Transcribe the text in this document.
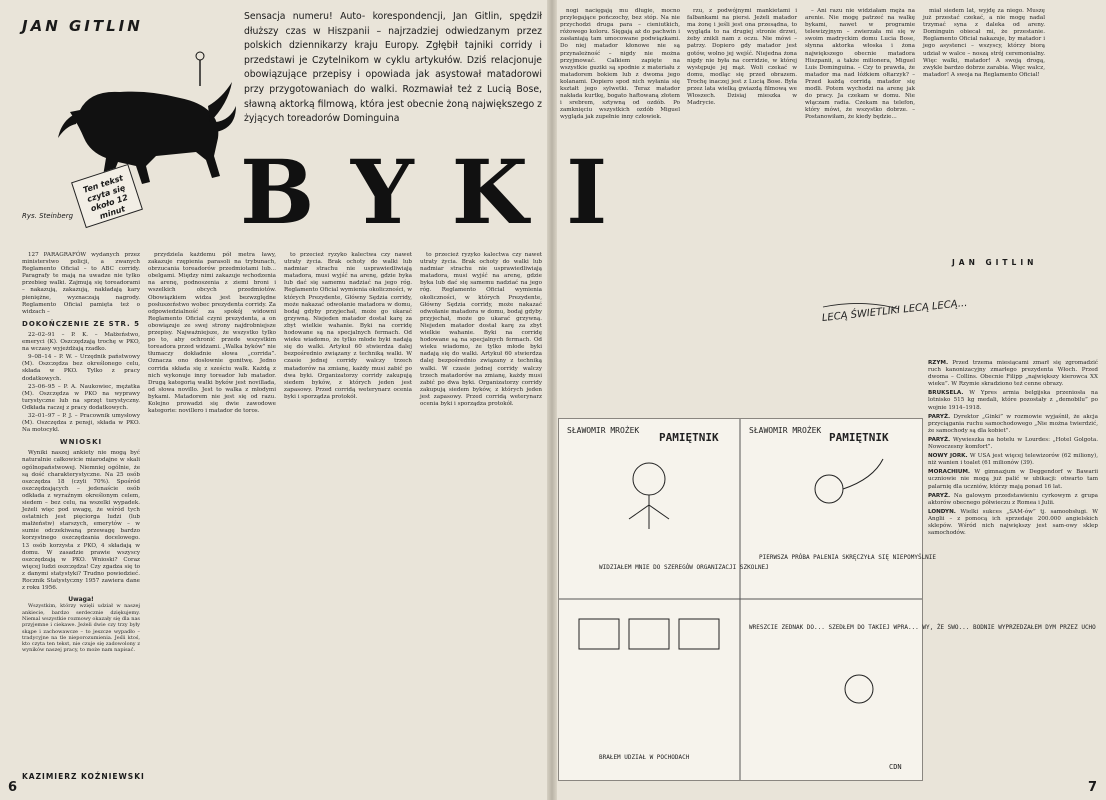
JAN GITLIN
Rys. Steinberg
Ten tekst czyta się około 12 minut
Sensacja numeru! Auto- korespondencji, Jan Gitlin, spędził dłuższy czas w Hiszpanii – najrzadziej odwiedzanym przez polskich dziennikarzy kraju Europy. Zgłębił tajniki corridy i przedstawi je Czytelnikom w cyklu artykułów. Dziś relacjonuje obowiązujące przepisy i opowiada jak asystował matadorowi przy przygotowaniach do walki. Rozmawiał też z Lucią Bose, sławną aktorką filmową, która jest obecnie żoną największego z żyjących toreadorów Dominguina
BYKI

127 PARAGRAFÓW wydanych przez ministerstwo policji, a zwanych Reglamento Oficial – to ABC corridy. Paragrafy te mają na uwadze nie tylko przebieg walki. Zajmują się toreadorami – nakazują, zakazują, nakładają kary pieniężne, wyznaczają nagrody. Reglamento Oficial pamięta też o widzach –

DOKOŃCZENIE ZE STR. 5

22–02–91 – P. K. – Małżeństwo, emeryci (K). Oszczędzają trochę w PKO, na wczasy wyjeżdżają rzadko.

9–08–14 – P. W. – Urzędnik państwowy (M). Oszczędza bez określonego celu, składa w PKO. Tylko z pracy dodatkowych.

23–06–95 – P. A. Naukowiec, mężatka (M). Oszczędza w PKO na wyprawy turystyczne lub na sprzęt turystyczny. Odkłada raczej z pracy dodatkowych.

32–01–97 – P. J. – Pracownik umysłowy (M). Oszczędza z pensji, składa w PKO. Na motocykl.

WNIOSKI

Wyniki naszej ankiety nie mogą być naturalnie całkowicie miarodajne w skali ogólnopaństwowej. Niemniej ogólnie, że są dość charakterystyczne. Na 25 osób oszczędza 18 (czyli 70%). Spośród oszczędzających – jedenaście osób odkłada z wyraźnym określonym celem, siedem – bez celu, na wszelki wypadek. Jeżeli więc pod uwagę, że wśród tych ostatnich jest pięciorga ludzi (lub małżeństw) starszych, emerytów – w sumie odczekiwaną przewagę bardzo korzystnego oszczędzania docelowego. 13 osób korzysta z PKO, 4 składają w domu. W zasadzie prawie wszyscy oszczędzają w PKO. Wnioski? Coraz więcej ludzi oszczędza! Czy zgadza się to z danymi statystyki? Trudno powiedzieć. Rocznik Statystyczny 1957 zawiera dane z roku 1956.

Uwaga!

Wszystkim, którzy wzięli udział w naszej ankiecie, bardzo serdecznie dziękujemy. Niemal wszystkie rozmowy okazały się dla nas przyjemne i ciekawe. Jeżeli dwie czy trzy były skąpe i zachowawcze – to jeszcze wypadło – tradycyjne na tle nieporozumienia. Jeśli ktoś, kto czyta ten tekst, nie czuje się zadowolony z wyników naszej pracy, to może nam napisać.

KAZIMIERZ KOŹNIEWSKI

przydziela każdemu pół metra ławy, zakazuje rzępienia parasoli na trybunach, obrzucania toreadorów przedmiotami lub... obelgami. Między nimi zakazuje wchodzenia na arenę, podnoszenia z ziemi broni i wszelkich obcych przedmiotów. Obowiązkiem widza jest bezwzględne posłuszeństwo wobec prezydenta corridy. Za odpowiedzialność za spokój widowni Reglamento Oficial czyni prezydenta, a on obowiązuje ze swej strony najdrobniejsze przepisy. Najważniejsze, że wszystko tylko po to, aby ochronić przede wszystkim toreadora przed widzami. „Walka byków” nie tłumaczy dokładnie słowa „corrida”. Oznacza ono dosłownie gonitwę. Jedno corrida składa się z sześciu walk. Każdą z nich wykonuje inny toreador lub matador. Drugą kategorią walki byków jest novillada, od słowa novillo. Jest to walka z młodymi bykami. Matadorem nie jest się od razu. Kolejno prowadzi się dwie zawodowe kategorie: novillero i matador de toros.

to przecież ryzyko kalectwa czy nawet utraty życia. Brak ochoty do walki lub nadmiar strachu nie usprawiedliwiają matadora, musi wyjść na arenę, gdzie byka lub dać się samemu nadziać na jego róg. Reglamento Oficial wymienia okoliczności, w których Prezydente, Główny Sędzia corridy, może nakazać odwołanie matadora w domu, bodaj gdyby przyjechał, może go ukarać grzywną. Niejeden matador dostał karę za zbyt wielkie wahanie. Byki na corridę hodowane są na specjalnych fermach. Od wieku wiadomo, że tylko młode byki nadają się do walki. Artykuł 60 stwierdza dalej bezpośrednio związany z techniką walki. W czasie jednej corridy walczy trzech matadorów na zmianę, każdy musi zabić po dwa byki. Organizatorzy corridy zakupują siedem byków, z których jeden jest zapasowy. Przed corridą weterynarz ocenia byki i sporządza protokół.

to przecież ryzyko kalectwa czy nawet utraty życia. Brak ochoty do walki lub nadmiar strachu nie usprawiedliwiają matadora, musi wyjść na arenę, gdzie byka lub dać się samemu nadziać na jego róg. Reglamento Oficial wymienia okoliczności, w których Prezydente, Główny Sędzia corridy, może nakazać odwołanie matadora w domu, bodaj gdyby przyjechał, może go ukarać grzywną. Niejeden matador dostał karę za zbyt wielkie wahanie. Byki na corridę hodowane są na specjalnych fermach. Od wieku wiadomo, że tylko młode byki nadają się do walki. Artykuł 60 stwierdza dalej bezpośrednio związany z techniką walki. W czasie jednej corridy walczy trzech matadorów na zmianę, każdy musi zabić po dwa byki. Organizatorzy corridy zakupują siedem byków, z których jeden jest zapasowy. Przed corridą weterynarz ocenia byki i sporządza protokół.

6

nogi nacięgają mu długie, mocno przylegające pończochy, bez stóp. Na nie przychodzi druga para – cieniutkich, różowego koloru. Sięgają aż do pachwin i zasłaniają tam umocowane podwiązkami. Do niej matador kłonowe nie są przynależność – nigdy nie można przyjmować. Całkiem zapięte na wszystkie guziki są spodnie z materiału z matadorem bokiem lub z dwoma jego kolanami. Dopiero spod nich wyłania się kształt jego sylwetki. Teraz matador nakłada kurtkę, bogato haftowaną złotem i srebrem, sztywną od ozdób. Po zamknięciu wszystkich ozdób Miguel wygląda jak zupełnie inny człowiek.

rzu, z podwójnymi mankietami i falbankami na piersi. Jeżeli matador ma żonę i jeśli jest ona przesądna, to wygląda to na drugiej stronie drzwi, żeby znikli nam z oczu. Nie mówi – patrzy. Dopiero gdy matador jest gotów, wolno jej wejść. Niejedna żona nigdy nie była na corridzie, w której występuje jej mąż. Woli czekać w domu, modląc się przed obrazem. Trochę inaczej jest z Lucią Bose. Była przez lata wielką gwiazdą filmową we Włoszech. Dzisiaj mieszka w Madrycie.

– Ani razu nie widziałam męża na arenie. Nie mogę patrzeć na walkę bykami, nawet w programie telewizyjnym – zwierzała mi się w swoim madryckim domu Lucia Bose, słynna aktorka włoska i żona największego obecnie matadora Hiszpanii, a także milionera, Miguel Luis Dominguina. – Czy to prawda, że matador ma nad łóżkiem ołtarzyk? – Przed każdą corridą matador się modli. Potem wychodzi na arenę jak do pracy. Ja czekam w domu. Nie włączam radia. Czekam na telefon, który mówi, że wszystko dobrze. – Postanowiłam, że kiedy będzie...

miał siedem lat, wyjdę za niego. Muszę już przestać czekać, a nie mogę nadal trzymać syna z daleka od areny. Dominguin obiecał mi, że przestanie. Reglamento Oficial nakazuje, by matador i jego asystenci – wszyscy, którzy biorą udział w walce – noszą strój ceremonialny. Więc walki, matador! A swoją drogą, zwykle bardzo dobrze zarabia. Więc walcz, matador! A swoja na Reglamento Oficial!

JAN GITLIN
LECĄ ŚWIETLIKI LECĄ LECĄ...
RZYM. Przed trzema miesiącami zmarł się zgromadzić ruch kanonizacyjny zmarłego prezydenta Włoch. Przed dwoma – Collins. Obecnie Filipp „największy kierowca XX wieku”. W Rzymie skradziono też cenne obrazy.
BRUKSELA. W Ypres armia belgijska przeniosła na lotnisko 515 kg medali, które pozostały z „demobilu” po wojnie 1914–1918.
PARYŻ. Dyrektor „Ginki” w rozmowie wyjaśnił, że akcja przyciągania ruchu samochodowego „Nie można twierdzić, że samochody są dla kobiet”.
PARYŻ. Wywieszka na hotelu w Lourdes: „Hotel Golgota. Nowoczesny komfort”.
NOWY JORK. W USA jest więcej telewizorów (62 miliony), niż wanien i toalet (61 milionów (39).
MORACHIUM. W gimnazjum w Deggendorf w Bawarii uczniowie nie mogą już palić w ubikacji: otwarto tam palarnię dla uczniów, którzy mają ponad 16 lat.
PARYŻ. Na galowym przedstawieniu cyrkowym z grupa aktorów obecnego półwieczu z Romea i Julii.
LONDYN. Wielki sukces „SAM-ów” tj. samoobsługi. W Anglii – z pomocą ich sprzedaje 200.000 angielskich sklepów. Wśród nich największy jest sam-owy sklep samochodów.
SŁAWOMIR MROŻEK
PAMIĘTNIK
SŁAWOMIR MROŻEK
PAMIĘTNIK
WIDZIAŁEM MNIE DO SZEREGÓW ORGANIZACJI SZKOLNEJ
PIERWSZA PRÓBA PALENIA SKRĘCZYŁA SIĘ NIEPOMYŚLNIE
BRAŁEM UDZIAŁ W POCHODACH
WRESZCIE ZEDNAK DO... SZEDŁEM DO TAKIEJ WPRA... WY, ŻE SWO... BODNIE WYPRZEDZAŁEM DYM PRZEZ UCHO
CDN
7
